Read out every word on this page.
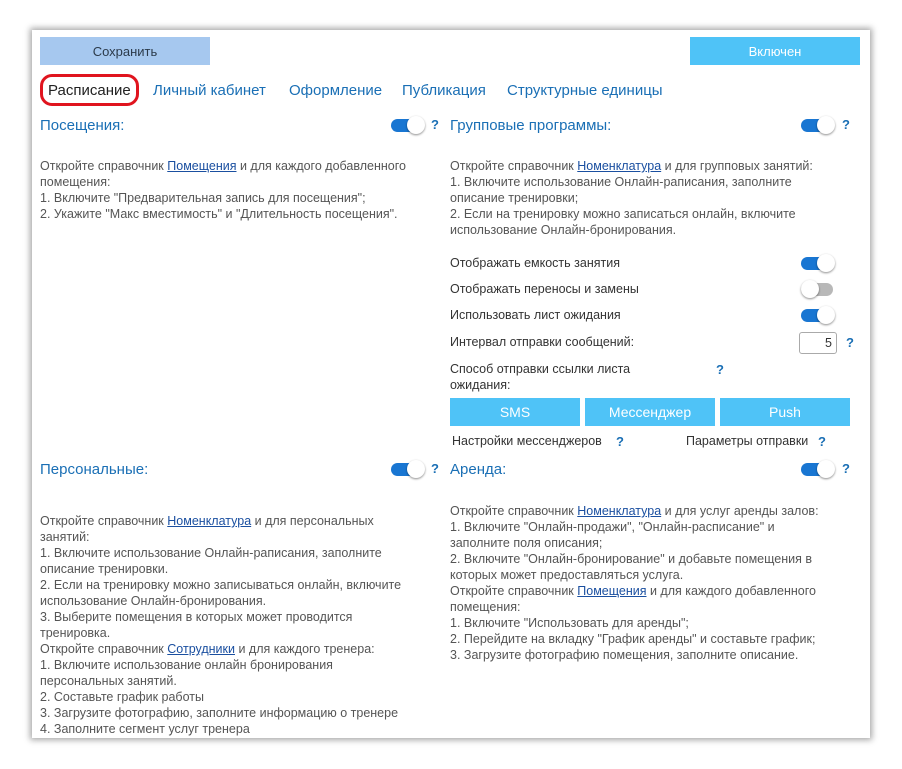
Сохранить	Включен
Расписание	Личный кабинет Оформление Публикация Структурные единицы
Посещения:	?
Откройте справочник Помещения и для каждого добавленного
помещения:
1. Включите "Предварительная запись для посещения";
2. Укажите "Макс вместимость" и "Длительность посещения".
Групповые программы:	?
Откройте справочник Номенклатура и для групповых занятий:
1. Включите использование Онлайн-раписания, заполните
описание тренировки;
2. Если на тренировку можно записаться онлайн, включите
использование Онлайн-бронирования.
Отображать емкость занятия
Отображать переносы и замены
Использовать лист ожидания
Интервал отправки сообщений:
5	?
Способ отправки ссылки листа
ожидания:
?
SMS	Мессенджер	Push
Настройки мессенджеров ?	Параметры отправки ?
Персональные:	?
Откройте справочник Номенклатура и для персональных
занятий:
1. Включите использование Онлайн-раписания, заполните
описание тренировки.
2. Если на тренировку можно записываться онлайн, включите
использование Онлайн-бронирования.
3. Выберите помещения в которых может проводится
тренировка.
Откройте справочник Сотрудники и для каждого тренера:
1. Включите использование онлайн бронирования
персональных занятий.
2. Составьте график работы
3. Загрузите фотографию, заполните информацию о тренере
4. Заполните сегмент услуг тренера
Аренда:	?
Откройте справочник Номенклатура и для услуг аренды залов:
1. Включите "Онлайн-продажи", "Онлайн-расписание" и
заполните поля описания;
2. Включите "Онлайн-бронирование" и добавьте помещения в
которых может предоставляться услуга.
Откройте справочник Помещения и для каждого добавленного
помещения:
1. Включите "Использовать для аренды";
2. Перейдите на вкладку "График аренды" и составьте график;
3. Загрузите фотографию помещения, заполните описание.
